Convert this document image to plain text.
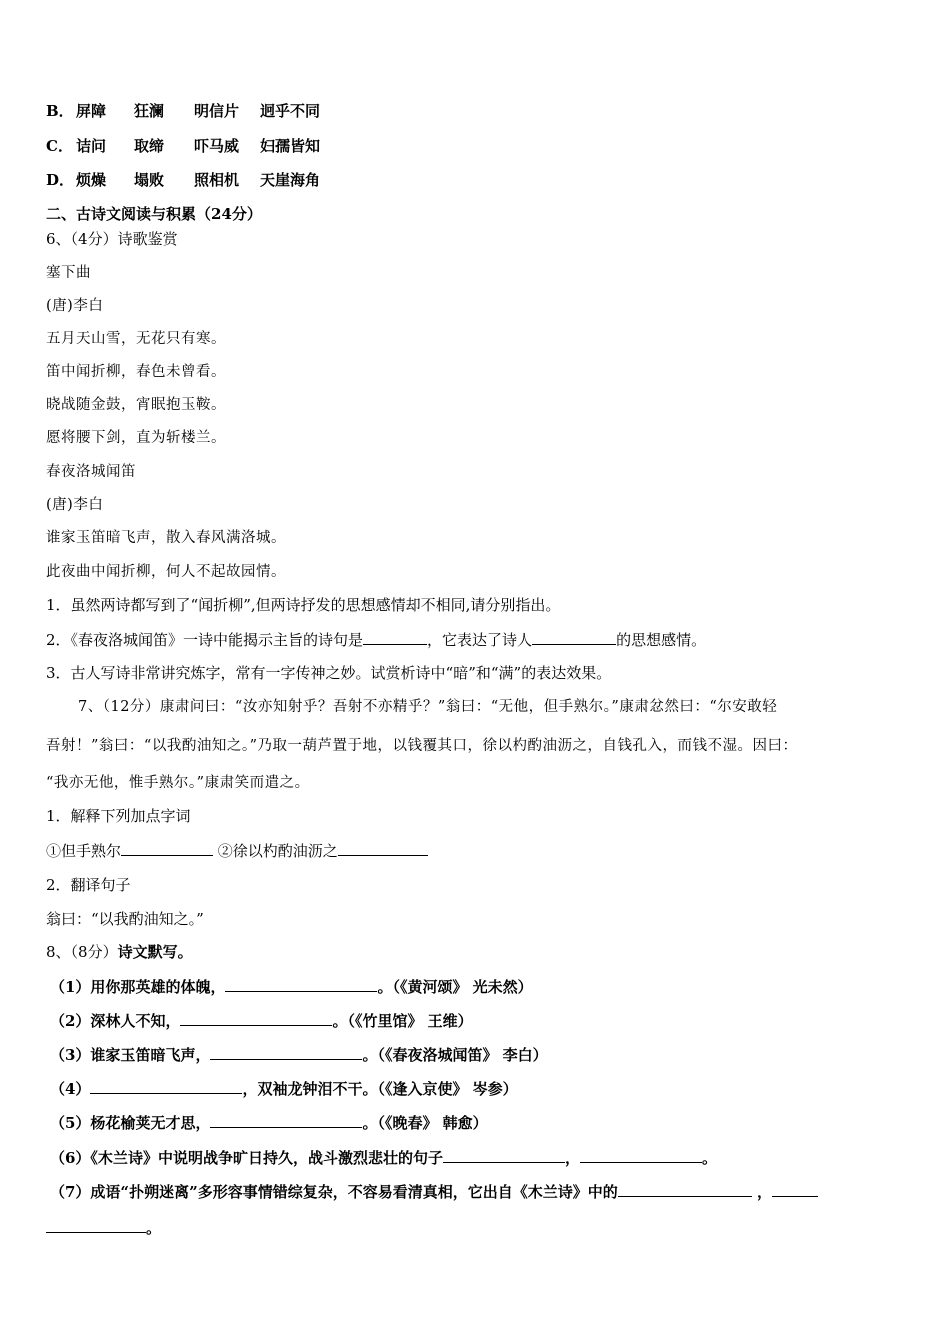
B． 屏障 狂澜 明信片 迥乎不同
C． 诘问 取缔 吓马威 妇孺皆知
D． 烦燥 塌败 照相机 天崖海角
二、古诗文阅读与积累（24分）
6、（4分）诗歌鉴赏
塞下曲
(唐)李白
五月天山雪，无花只有寒。
笛中闻折柳，春色未曾看。
晓战随金鼓，宵眠抱玉鞍。
愿将腰下剑，直为斩楼兰。
春夜洛城闻笛
(唐)李白
谁家玉笛暗飞声，散入春风满洛城。
此夜曲中闻折柳，何人不起故园情。
1．虽然两诗都写到了“闻折柳”,但两诗抒发的思想感情却不相同,请分别指出。
2．《春夜洛城闻笛》一诗中能揭示主旨的诗句是	，它表达了诗人	的思想感情。
3．古人写诗非常讲究炼字，常有一字传神之妙。试赏析诗中“暗”和“满”的表达效果。
7、（12分）康肃问曰：“汝亦知射乎？吾射不亦精乎？”翁曰：“无他，但手熟尔。”康肃忿然曰：“尔安敢轻
吾射！”翁曰：“以我酌油知之。”乃取一葫芦置于地，以钱覆其口，徐以杓酌油沥之，自钱孔入，而钱不湿。因曰：
“我亦无他，惟手熟尔。”康肃笑而遣之。
1．解释下列加点字词
①但手熟尔	②徐以杓酌油沥之
2．翻译句子
翁曰：“以我酌油知之。”
8、（8分）诗文默写。
（1）用你那英雄的体魄，	。（《黄河颂》 光未然）
（2）深林人不知，	。（《竹里馆》 王维）
（3）谁家玉笛暗飞声，	。（《春夜洛城闻笛》 李白）
（4）	，双袖龙钟泪不干。（《逢入京使》 岑参）
（5）杨花榆荚无才思，	。（《晚春》 韩愈）
（6）《木兰诗》中说明战争旷日持久，战斗激烈悲壮的句子	，	。
（7）成语“扑朔迷离”多形容事情错综复杂，不容易看清真相，它出自《木兰诗》中的	，
。
